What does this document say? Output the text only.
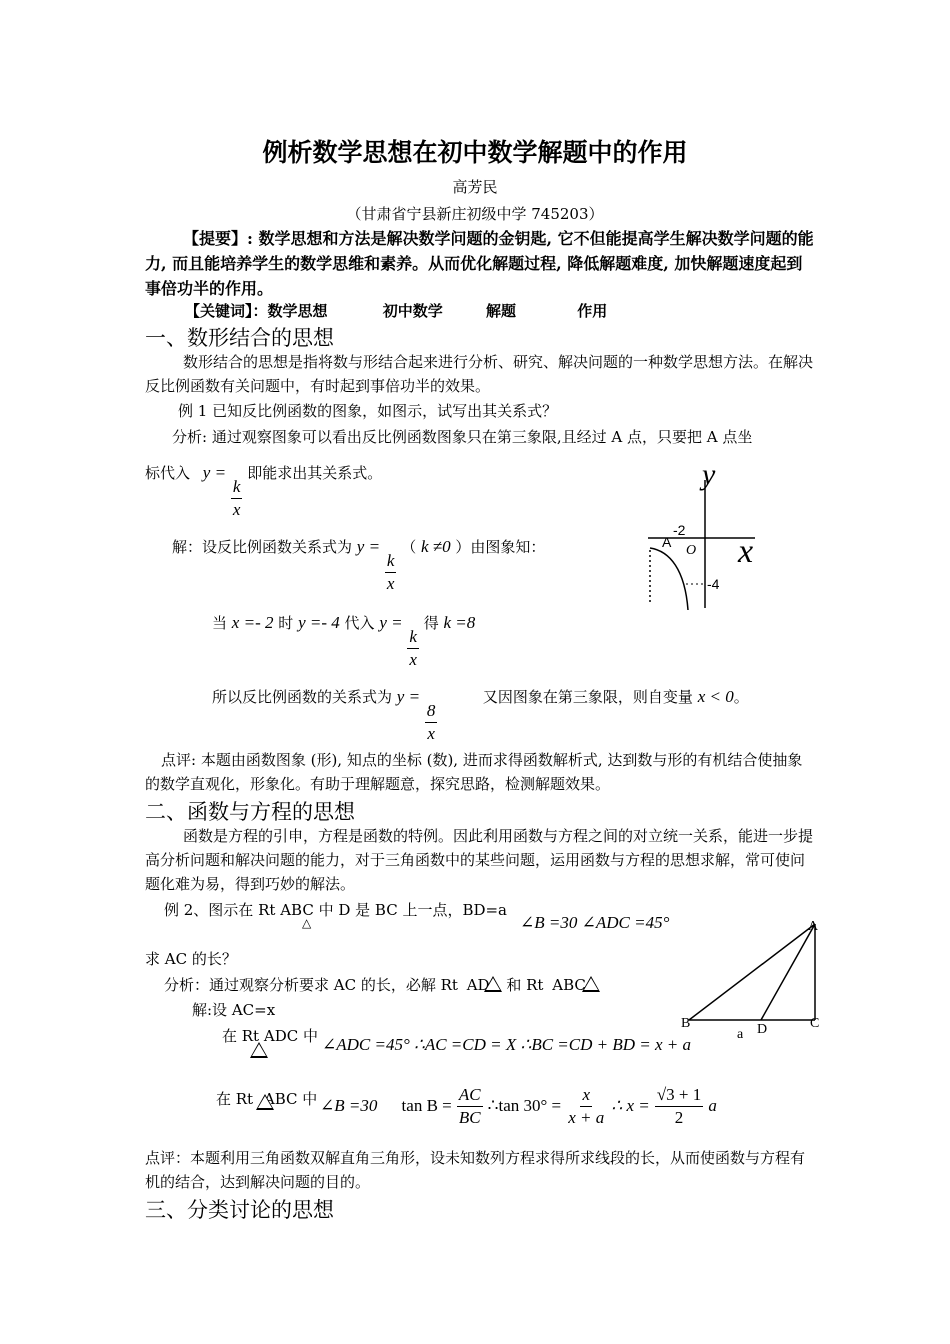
例析数学思想在初中数学解题中的作用
高芳民
（甘肃省宁县新庄初级中学 745203）
【提要】: 数学思想和方法是解决数学问题的金钥匙, 它不但能提高学生解决数学问题的能力, 而且能培养学生的数学思维和素养。从而优化解题过程, 降低解题难度, 加快解题速度起到事倍功半的作用。
【关键词】：数学思想	初中数学	解题	作用
一、数形结合的思想
数形结合的思想是指将数与形结合起来进行分析、研究、解决问题的一种数学思想方法。在解决反比例函数有关问题中，有时起到事倍功半的效果。
例 1 已知反比例函数的图象，如图示，试写出其关系式？
分析: 通过观察图象可以看出反比例函数图象只在第三象限,且经过 A 点，只要把 A 点坐
标代入 y =
$\frac{k}{x}$
即能求出其关系式。
解：设反比例函数关系式为 y =
$\frac{k}{x}$
（ k ≠0 ）由图象知：
当 x =- 2 时 y =- 4 代入 y =
$\frac{k}{x}$
得 k =8
所以反比例函数的关系式为 y =
$\frac{8}{x}$
又因图象在第三象限，则自变量 x < 0。
y
x
O
A
-2
-4
点评: 本题由函数图象 (形), 知点的坐标 (数), 进而求得函数解析式, 达到数与形的有机结合使抽象的数学直观化，形象化。有助于理解题意，探究思路，检测解题效果。
二、函数与方程的思想
函数是方程的引申，方程是函数的特例。因此利用函数与方程之间的对立统一关系，能进一步提高分析问题和解决问题的能力，对于三角函数中的某些问题，运用函数与方程的思想求解，常可使问题化难为易，得到巧妙的解法。
例 2、图示在 Rt ABC 中 D 是 BC 上一点，BD=a
△	∠B =30 ∠ADC =45°
求 AC 的长？
分析：通过观察分析要求 AC 的长，必解 Rt AD 和 Rt ABC
解:设 AC=x
在 Rt ADC 中 ∠ADC =45° ∴AC =CD = X ∴BC =CD + BD = x + a
在 Rt ABC 中 ∠B =30 $\tan B = \frac{AC}{BC}$ ∴tan $30^\circ = \frac{x}{x + a}$ ∴ $x = \frac{√3 + 1}{2}$ a
A
B	C
D
a
点评：本题利用三角函数双解直角三角形，设未知数列方程求得所求线段的长，从而使函数与方程有机的结合，达到解决问题的目的。
三、分类讨论的思想
